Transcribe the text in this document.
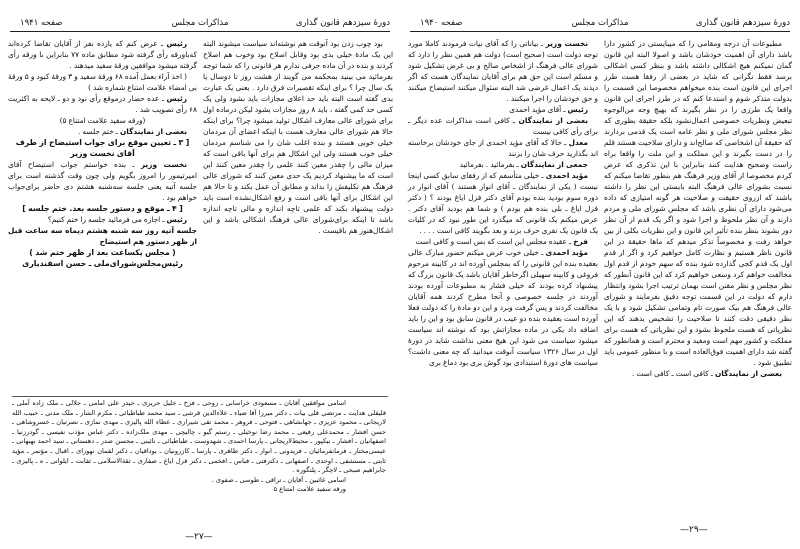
دورهٔ سیزدهم قانون گذاری
مذاکرات مجلس
صفحه ۱۹۴۱

بود چوب زدن بود آنوقت هم نوشته‌اند سیاست میشوند البته این یک مادهٔ خیلی بدی بود وقابل اصلاح بود وخوب هم اصلاح کردند و بنده در آن ماده حرفی ندارم هر قانونی را که شما توجه بفرمائید می بینید بمحکمه می گویند از هشت روز تا دوسال یا یک سال چرا ؟ برای اینکه تقصیرات فرق دارد . یعنی یک عبارت بدی گفته است البته باید حد اعلای مجازات باید بشود ولی یک کسی حد کمی گفته ، باید ۸ روز مجازات بشود لیکن درماده اول برای شورای عالی معارف اشکال تولید میشود چرا؟ برای اینکه حالا هم شورای عالی معارف هست با اینکه اعضای آن مردمان خیلی خوبی هستند و بنده اغلب شان را می شناسم مردمان خیلی خوب هستند ولی این اشکال هم برای آنها باقی است که میزان مالی را چقدر معین کنند علمی را چقدر معین کنند این است که ما پیشنهاد کردیم یک حدی معین کنند که شورای عالی فرهنگ هم تکلیفش را بداند و مطابق آن عمل بکند و تا حالا هم این اشکال برای آنها باقی است و رفع اشکال‌نشده است باید دولت پیشنهاد بکند که علمی تاچه اندازه و مالی تاچه اندازه باشد تا اینکه برای‌شورای عالی فرهنگ اشکالی باشد و این اشکال‌هنوز هم باقیست .

رئیس ـ عرض کنم که یازده نفر از آقایان تقاضا کرده‌اند که‌باورقه رأی گرفته شود مطابق ماده ۷۷ بنابراین با ورقه رأی گرفته میشود موافقین ورقهٔ سفید میدهند .

( اخذ آراء بعمل آمده ۶۸ ورقهٔ سفید و ۳ ورقهٔ کبود و ۵ ورقهٔ بی امضاء علامت امتناع شماره شد )

رئیس ـ عده حضار درموقع رأی نود و دو ـ لایحه به اکثریت ۶۸ رأی تصویب شد .

(ورقه سفید علامت امتناع ۵)

بعضی از نمایندگان ـ ختم جلسه .

[ ۳ ـ تعیین موقع برای جواب استیضاح از طرف آقای نخست وزیر

نخست وزیر ـ بنده خواستم جواب استیضاح آقای امیرتیمور را امروز بگویم ولی چون وقت گذشته است برای جلسه آتیه یعنی جلسه سه‌شنبه هشتم دی حاضر برای‌جواب خواهم بود .

[ ۴ ـ موقع و دستور جلسه بعد. ختم جلسه ]

رئیس ـ اجازه می فرمائید جلسه را ختم کنیم؟

جلسه آتیه روز سه شنبه هشتم دیماه سه ساعت قبل از ظهر دستور هم استیضاح

( مجلس یکساعت بعد از ظهر ختم شد )

رئیس‌مجلس‌شورای‌ملی ـ حسن اسفندیاری

اسامی موافقین آقایان ـ مسعودی خراسانی ـ روحی ـ فرخ ـ خلیل حریری ـ حیدر علی امامی ـ جلالی ـ ملک زاده آملی ـ قلیقلی هدایت ـ مرتضی قلی بیات ـ دکتر میرزا آقا ضیاء ـ علاءالدین قرشی ـ سید محمد طباطبائی ـ مکرم الشار ـ ملک مدنی ـ حبیب الله لاریجانی ـ محمود عزیزی ـ جهانشاهی ـ فتوحی ـ فروهر ـ محمد تقی شیرازی ـ عطاء الله پالیزی ـ مهدی نمازی ـ نصرتیان ـ خسروشاهی ـ حسن افشار ـ محمدعلی رفیعی ـ محمد رضا نوخیلی ـ رستم گیو ـ چالیچی ـ مهدی ملک‌زاده ـ دکتر عباس مؤدب نفیسی ـ گودرزنیا ـ اصفهانیان ـ افشار ـ نیکپور ـ محیط‌لاریجانی ـ پارسا احمدی ـ شهدوست ـ طباطبائی ـ نائینی ـ محسن صدر ـ دهستانی ـ سید احمد بهبهانی ـ عیسی‌مختار ـ فرمانفرمائیان ـ فریدونی ـ انوار ـ دکتر طاهری ـ پارسا ـ کازرونیان ـ بوداقیان ـ دکتر لقمان نهورای ـ اقبال ـ مؤتمر ـ مؤید ثابتی ـ مستشفی ـ اوحدی ـ اصفهانی ـ دکترفتی ـ قباس ـ افخمی ـ دکتر قزل ایاغ ـ صفاری ـ ثقة‌الاسلامی ـ ثقابت ـ ایلوانی ـ ه ـ پالیزی ـ جابراهیم صبحی ـ لاچگر ـ پلنگوره .

اسامی غائبین ـ آقایان ـ تراقی ـ طوسی ـ صفوی .

ورقه سفید علامت امتناع ۵

—۲۷—
دورهٔ سیزدهم قانون گذاری
مذاکرات مجلس
صفحه ۱۹۴۰

مطبوعات آن درجه ومقامی را که میبایستی در کشور دارا باشد دارای آن اهمیت خودشان باشد و اصولا البته این قانون گمان نمیکنم هیچ اشکالی داشته باشد و بنظر کسی اشکالی برسد فقط نگرانی که شاید در بعضی از رفقا هست طرز اجرای این قانون است بنده میخواهم مخصوصا این قسمت را بدولت متذکر شوم و استدعا کنم که در طرز اجرای این قانون واقعا یک طرزی را در نظر بگیرند که بهیچ وجه من‌الوجوه تبعیض ونظریات خصوصی اعمال‌نشود بلکه حقیقة بطوری که نظر مجلس شورای ملی و نظر عامه است یک قدمی بردارند که حقیقة آن اشخاصی که صالح‌اند و دارای صلاحیت هستند قلم را در دست بگیرند و این مملکت و این ملت را واقعا براه راست وصحیح هدایت کنند بنابراین با این تذکری که عرض کردم مخصوصا از آقای وزیر فرهنگ هم بنظور تقاضا میکنم که نسبت بشورای عالی فرهنگ البته بایستی این نظر را داشته باشند که ازروی حقیقت و صلاحیت هر گونه امتیازی که داده می‌شود دارای آن نظری باشد که مجلس شورای ملی و مردم دارند و آن نظر ملحوظ و اجرا شود و اگر یک قدم از آن نظر دور بشوند بنظر بنده تأثیر این قانون و این نظریات بکلی از بین خواهد رفت و مخصوصاً تذکر میدهم که ماها حقیقة در این قانون ناظر هستیم و نظارت کامل خواهیم کرد و اگر از قدم اول یک قدم کجی گذارده شود بنده که سهم خودم از قدم اول مخالفت خواهم کرد وسعی خواهیم کرد که این قانون آنطور که نظر مجلس و نظر مقنن است بهمان ترتیب اجرا بشود وانتظار دارم که دولت در این قسمت توجه دقیق بفرمایند و شورای عالی فرهنگ هم بیک صورت تام وتمامی تشکیل شود و با یک نظر دقیقی دقت کنند تا صلاحیت را تشخیص بدهند که این نظریاتی که هست ملحوظ بشود و این نظریاتی که هست برای مملکت و کشور مهم است ومفید و محترم است و همانطور که گفته شد دارای اهمیت فوق‌العاده است و با منظور عمومی باید تطبیق شود .

بعضی از نمایندگان ـ کافی است ـ کافی است .

نخست وزیر ـ بیاناتی را که آقای بیات فرمودند کاملا مورد توجه دولت است (صحیح است) دولت هم همین نظر را دارد که شورای عالی فرهنگ از اشخاص صالح و بی غرض تشکیل شود و مسلم است این حق هم برای آقایان نمایندگان هست که اگر دیدند یک اعمال غرضی شد البته سئوال میکنند استیضاح میکنند و حق خودشان را اجرا میکنند .

رئیس ـ آقای مؤید احمدی

بعضی از نمایندگان ـ کافی است مذاکرات عده دیگر ـ برای رأی کافی نیست

معدل ـ حالا که آقای مؤید احمدی از جای خودشان برخاسته اند بگذارید حرف شان را بزنند

جمعی از نمایندگان ـ بفرمائید . بفرمائید

مؤید احمدی ـ خیلی متأسفم که از رفقای سابق کسی اینجا نیست ( یکی از نمایندگان ـ آقای انوار هستند ) آقای انوار در دوره سوم بودید بنده بودم آقای دکتر قزل ایاغ بودند ؟ ( دکتر قزل ایاغ ـ بلی بنده هم بودم ) و شما هم بودید آقای دکتر . عرض میکنم یک قانونی که میگذرد این طور نبود که در کلیات یک قانون یک نفری حرف بزند و بعد بگویند کافی است . . . .

فرخ ـ عقیده مجلس این است که بس است و کافی است

مؤید احمدی ـ خیلی خوب عرض میکنم حضور مبارک عالی بعقیده بنده این قانونی را که بمجلس آورده اند در کابینه مرحوم فروغی و کابینه سهیلی اگرخاطر آقایان باشد یک قانون بزرگ که پیشنهاد کرده بودند که خیلی فشار به مطبوعات آورده بودند آوردند در جلسه خصوصی و آنجا مطرح کردند همه آقایان مخالفت کردند و پس گرفت وبرد و این دو مادهٔ را که دولت فعلا آورده است بعقیده بنده دو عیب در قانون سابق بود و این را باید اضافه داد یکی در ماده مجازاتش بود که نوشته اند سیاست میشود سیاست می شود این هیچ معنی نداشت شاید در دورهٔ اول در سال ۱۳۲۶ سیاست آنوقت میدانید که چه معنی داشت؟ سیاست های دورهٔ استبدادی بود گوش بری بود دماغ بری

—۲۹—
